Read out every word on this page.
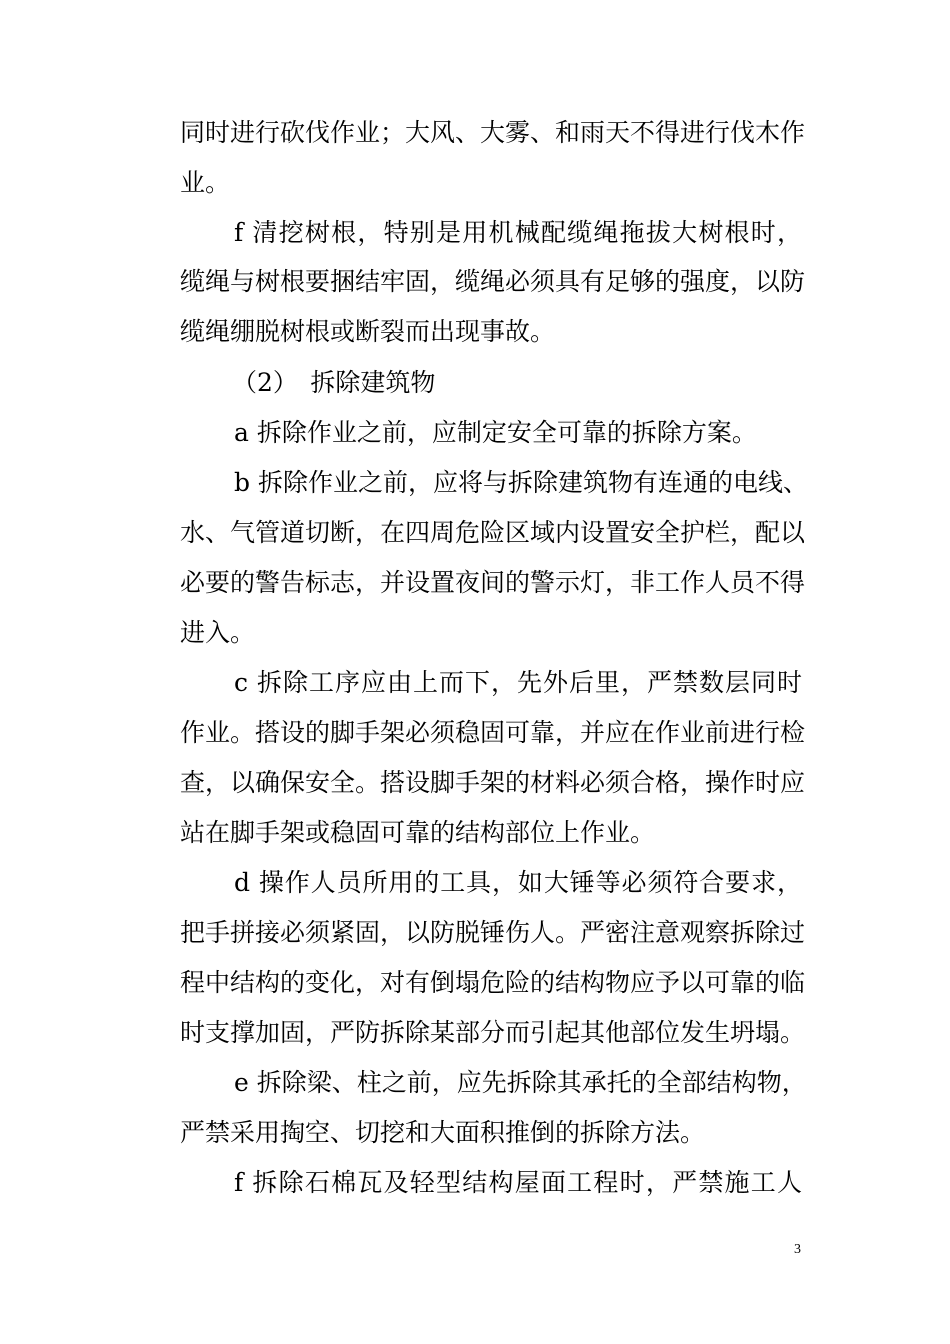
同时进行砍伐作业；大风、大雾、和雨天不得进行伐木作
业。
f 清挖树根，特别是用机械配缆绳拖拔大树根时，
缆绳与树根要捆结牢固，缆绳必须具有足够的强度，以防
缆绳绷脱树根或断裂而出现事故。
（2）　拆除建筑物
a 拆除作业之前，应制定安全可靠的拆除方案。
b 拆除作业之前，应将与拆除建筑物有连通的电线、
水、气管道切断，在四周危险区域内设置安全护栏，配以
必要的警告标志，并设置夜间的警示灯，非工作人员不得
进入。
c 拆除工序应由上而下，先外后里，严禁数层同时
作业。搭设的脚手架必须稳固可靠，并应在作业前进行检
查，以确保安全。搭设脚手架的材料必须合格，操作时应
站在脚手架或稳固可靠的结构部位上作业。
d 操作人员所用的工具，如大锤等必须符合要求，
把手拼接必须紧固，以防脱锤伤人。严密注意观察拆除过
程中结构的变化，对有倒塌危险的结构物应予以可靠的临
时支撑加固，严防拆除某部分而引起其他部位发生坍塌。
e 拆除梁、柱之前，应先拆除其承托的全部结构物，
严禁采用掏空、切挖和大面积推倒的拆除方法。
f 拆除石棉瓦及轻型结构屋面工程时，严禁施工人
3
